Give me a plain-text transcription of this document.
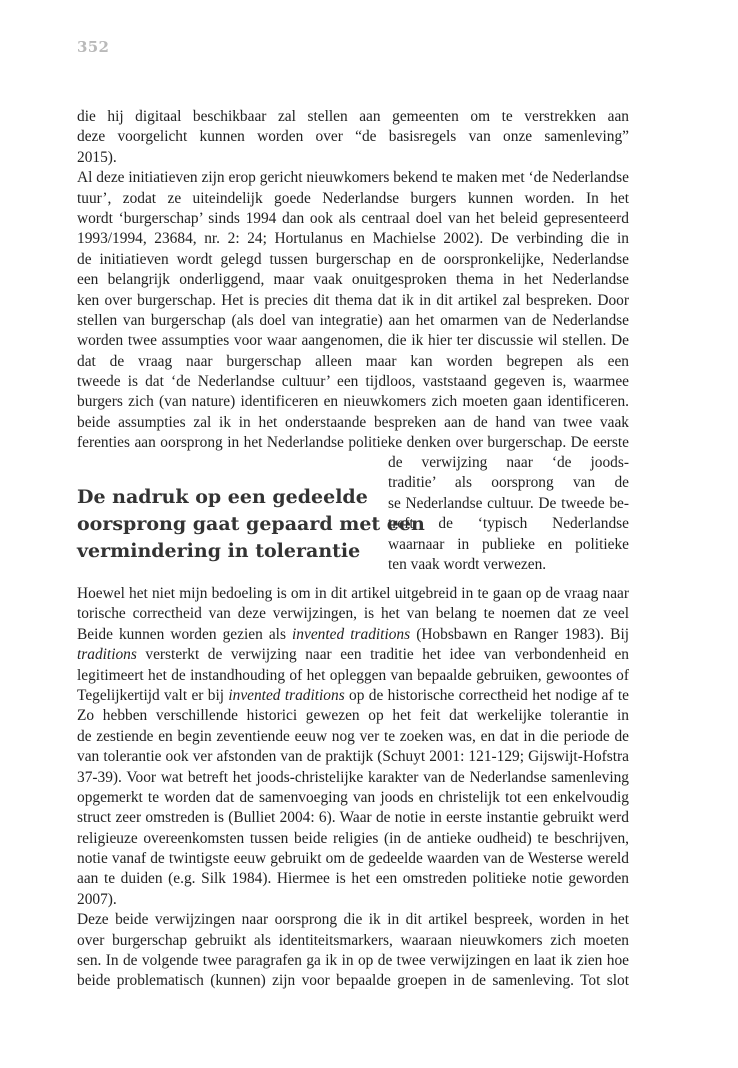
352
die hij digitaal beschikbaar zal stellen aan gemeenten om te verstrekken aan
deze voorgelicht kunnen worden over “de basisregels van onze samenleving”
2015).
Al deze initiatieven zijn erop gericht nieuwkomers bekend te maken met ‘de Nederlandse
tuur’, zodat ze uiteindelijk goede Nederlandse burgers kunnen worden. In het
wordt ‘burgerschap’ sinds 1994 dan ook als centraal doel van het beleid gepresenteerd
1993/1994, 23684, nr. 2: 24; Hortulanus en Machielse 2002). De verbinding die in
de initiatieven wordt gelegd tussen burgerschap en de oorspronkelijke, Nederlandse
een belangrijk onderliggend, maar vaak onuitgesproken thema in het Nederlandse
ken over burgerschap. Het is precies dit thema dat ik in dit artikel zal bespreken. Door
stellen van burgerschap (als doel van integratie) aan het omarmen van de Nederlandse
worden twee assumpties voor waar aangenomen, die ik hier ter discussie wil stellen. De
dat de vraag naar burgerschap alleen maar kan worden begrepen als een
tweede is dat ‘de Nederlandse cultuur’ een tijdloos, vaststaand gegeven is, waarmee
burgers zich (van nature) identificeren en nieuwkomers zich moeten gaan identificeren.
beide assumpties zal ik in het onderstaande bespreken aan de hand van twee vaak
ferenties aan oorsprong in het Nederlandse politieke denken over burgerschap. De eerste
de verwijzing naar ‘de joods-
traditie’ als oorsprong van de
se Nederlandse cultuur. De tweede be-
treft de ‘typisch Nederlandse
waarnaar in publieke en politieke
ten vaak wordt verwezen.
De nadruk op een gedeelde
oorsprong gaat gepaard met een
vermindering in tolerantie
Hoewel het niet mijn bedoeling is om in dit artikel uitgebreid in te gaan op de vraag naar
torische correctheid van deze verwijzingen, is het van belang te noemen dat ze veel
Beide kunnen worden gezien als invented traditions (Hobsbawn en Ranger 1983). Bij
traditions versterkt de verwijzing naar een traditie het idee van verbondenheid en
legitimeert het de instandhouding of het opleggen van bepaalde gebruiken, gewoontes of
Tegelijkertijd valt er bij invented traditions op de historische correctheid het nodige af te
Zo hebben verschillende historici gewezen op het feit dat werkelijke tolerantie in
de zestiende en begin zeventiende eeuw nog ver te zoeken was, en dat in die periode de
van tolerantie ook ver afstonden van de praktijk (Schuyt 2001: 121-129; Gijswijt-Hofstra
37-39). Voor wat betreft het joods-christelijke karakter van de Nederlandse samenleving
opgemerkt te worden dat de samenvoeging van joods en christelijk tot een enkelvoudig
struct zeer omstreden is (Bulliet 2004: 6). Waar de notie in eerste instantie gebruikt werd
religieuze overeenkomsten tussen beide religies (in de antieke oudheid) te beschrijven,
notie vanaf de twintigste eeuw gebruikt om de gedeelde waarden van de Westerse wereld
aan te duiden (e.g. Silk 1984). Hiermee is het een omstreden politieke notie geworden
2007).
Deze beide verwijzingen naar oorsprong die ik in dit artikel bespreek, worden in het
over burgerschap gebruikt als identiteitsmarkers, waaraan nieuwkomers zich moeten
sen. In de volgende twee paragrafen ga ik in op de twee verwijzingen en laat ik zien hoe
beide problematisch (kunnen) zijn voor bepaalde groepen in de samenleving. Tot slot
